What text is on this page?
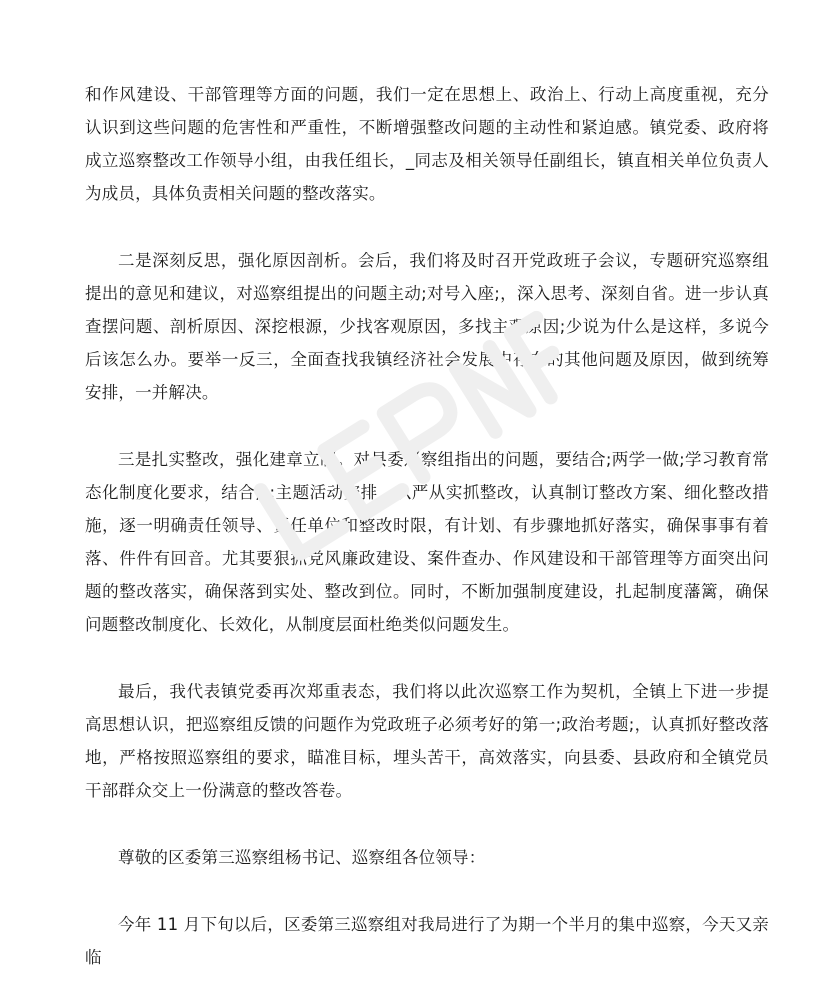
和作风建设、干部管理等方面的问题，我们一定在思想上、政治上、行动上高度重视，充分认识到这些问题的危害性和严重性，不断增强整改问题的主动性和紧迫感。镇党委、政府将成立巡察整改工作领导小组，由我任组长，_同志及相关领导任副组长，镇直相关单位负责人为成员，具体负责相关问题的整改落实。

二是深刻反思，强化原因剖析。会后，我们将及时召开党政班子会议，专题研究巡察组提出的意见和建议，对巡察组提出的问题主动;对号入座;，深入思考、深刻自省。进一步认真查摆问题、剖析原因、深挖根源，少找客观原因，多找主观原因;少说为什么是这样，多说今后该怎么办。要举一反三，全面查找我镇经济社会发展中存在的其他问题及原因，做到统筹安排，一并解决。

三是扎实整改，强化建章立制。对县委巡察组指出的问题，要结合;两学一做;学习教育常态化制度化要求，结合;_;主题活动安排，从严从实抓整改，认真制订整改方案、细化整改措施，逐一明确责任领导、责任单位和整改时限，有计划、有步骤地抓好落实，确保事事有着落、件件有回音。尤其要狠抓党风廉政建设、案件查办、作风建设和干部管理等方面突出问题的整改落实，确保落到实处、整改到位。同时，不断加强制度建设，扎起制度藩篱，确保问题整改制度化、长效化，从制度层面杜绝类似问题发生。

最后，我代表镇党委再次郑重表态，我们将以此次巡察工作为契机，全镇上下进一步提高思想认识，把巡察组反馈的问题作为党政班子必须考好的第一;政治考题;，认真抓好整改落地，严格按照巡察组的要求，瞄准目标，埋头苦干，高效落实，向县委、县政府和全镇党员干部群众交上一份满意的整改答卷。

尊敬的区委第三巡察组杨书记、巡察组各位领导：

今年 11 月下旬以后，区委第三巡察组对我局进行了为期一个半月的集中巡察，今天又亲临
